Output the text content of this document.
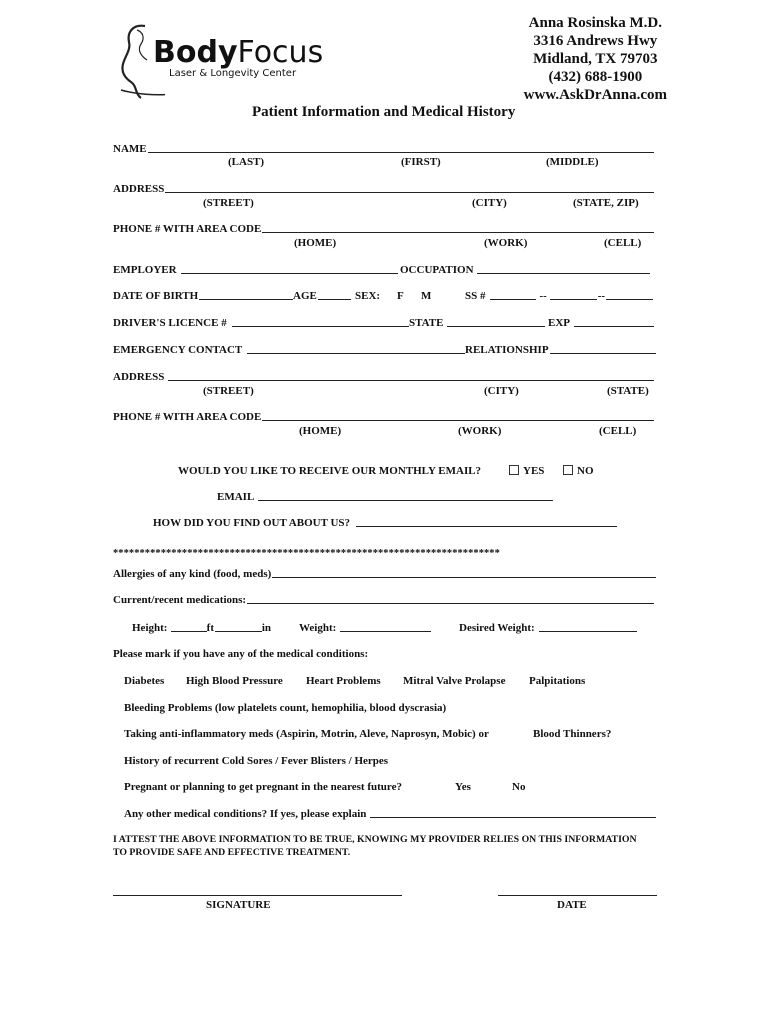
BodyFocus
Laser & Longevity Center
Anna Rosinska M.D.
3316 Andrews Hwy
Midland, TX 79703
(432) 688-1900
www.AskDrAnna.com
Patient Information and Medical History
NAME
(LAST)	(FIRST)	(MIDDLE)
ADDRESS
(STREET)	(CITY)	(STATE, ZIP)
PHONE # WITH AREA CODE
(HOME)	(WORK)	(CELL)
EMPLOYER	OCCUPATION
DATE OF BIRTH	AGE	SEX: F M	SS #	--	--
DRIVER'S LICENCE #	STATE	EXP
EMERGENCY CONTACT	RELATIONSHIP
ADDRESS
(STREET)	(CITY)	(STATE)
PHONE # WITH AREA CODE
(HOME)	(WORK)	(CELL)
WOULD YOU LIKE TO RECEIVE OUR MONTHLY EMAIL?	YES	NO
EMAIL
HOW DID YOU FIND OUT ABOUT US?
*************************************************************************
Allergies of any kind (food, meds)
Current/recent medications:
Height:	ft	in	Weight:	Desired Weight:
Please mark if you have any of the medical conditions:
Diabetes High Blood Pressure Heart Problems Mitral Valve Prolapse Palpitations
Bleeding Problems (low platelets count, hemophilia, blood dyscrasia)
Taking anti-inflammatory meds (Aspirin, Motrin, Aleve, Naprosyn, Mobic) or	Blood Thinners?
History of recurrent Cold Sores / Fever Blisters / Herpes
Pregnant or planning to get pregnant in the nearest future?	Yes	No
Any other medical conditions? If yes, please explain
I ATTEST THE ABOVE INFORMATION TO BE TRUE, KNOWING MY PROVIDER RELIES ON THIS INFORMATION
TO PROVIDE SAFE AND EFFECTIVE TREATMENT.
SIGNATURE	DATE
